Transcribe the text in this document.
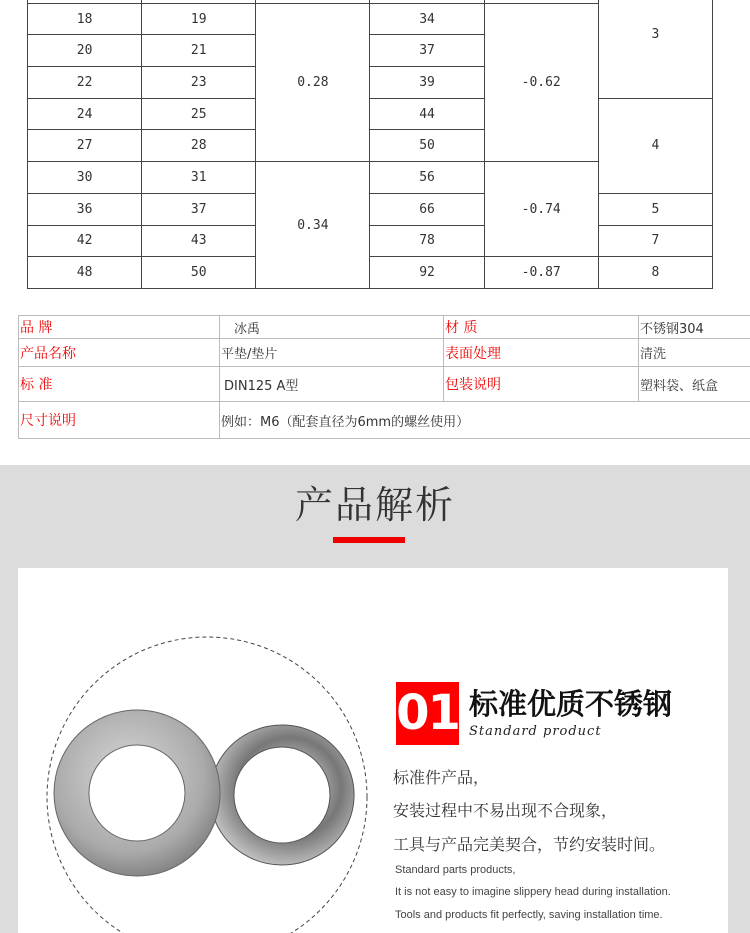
					3
18	19	0.28	34	-0.62	
20	21		37		
22	23		39		
24	25		44		4
27	28		50		
30	31	0.34	56	-0.74	
36	37		66		5
42	43		78		7
48	50		92	-0.87	8
品 牌	冰禹	材 质	不锈钢304
产品名称	平垫/垫片	表面处理	清洗
标 准	DIN125 A型	包装说明	塑料袋、纸盒
尺寸说明	例如：M6（配套直径为6mm的螺丝使用）		
产品解析
01 标准优质不锈钢
Standard product
标准件产品，
安装过程中不易出现不合现象，
工具与产品完美契合，节约安装时间。
Standard parts products,
It is not easy to imagine slippery head during installation.
Tools and products fit perfectly, saving installation time.
